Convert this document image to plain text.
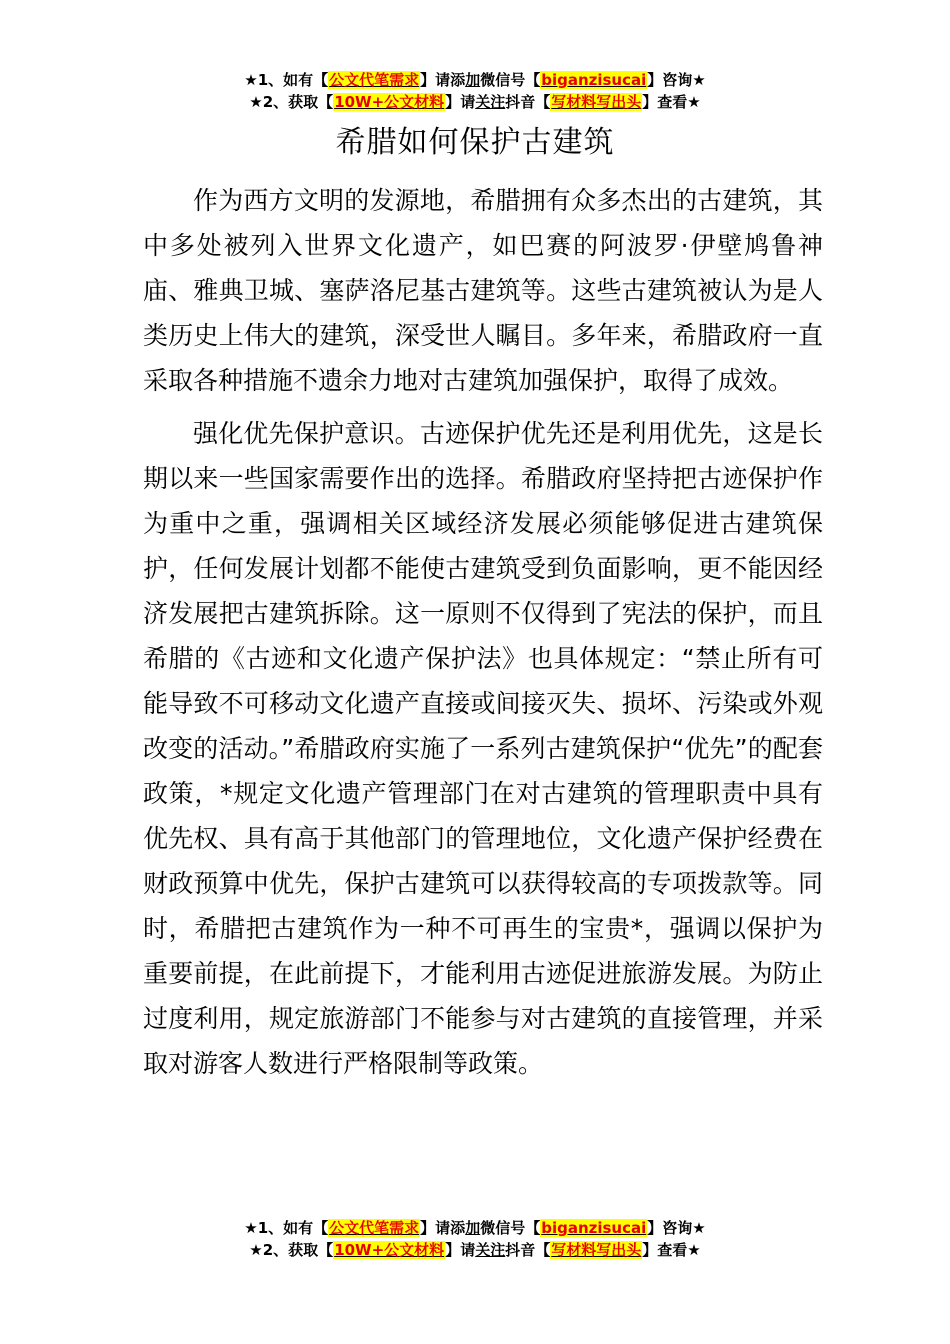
★1、如有【公文代笔需求】请添加微信号【biganzisucai】咨询★
★2、获取【10W+公文材料】请关注抖音【写材料写出头】查看★
希腊如何保护古建筑

作为西方文明的发源地，希腊拥有众多杰出的古建筑，其中多处被列入世界文化遗产，如巴赛的阿波罗·伊壁鸠鲁神庙、雅典卫城、塞萨洛尼基古建筑等。这些古建筑被认为是人类历史上伟大的建筑，深受世人瞩目。多年来，希腊政府一直采取各种措施不遗余力地对古建筑加强保护，取得了成效。

强化优先保护意识。古迹保护优先还是利用优先，这是长期以来一些国家需要作出的选择。希腊政府坚持把古迹保护作为重中之重，强调相关区域经济发展必须能够促进古建筑保护，任何发展计划都不能使古建筑受到负面影响，更不能因经济发展把古建筑拆除。这一原则不仅得到了宪法的保护，而且希腊的《古迹和文化遗产保护法》也具体规定：“禁止所有可能导致不可移动文化遗产直接或间接灭失、损坏、污染或外观改变的活动。”希腊政府实施了一系列古建筑保护“优先”的配套政策，*规定文化遗产管理部门在对古建筑的管理职责中具有优先权、具有高于其他部门的管理地位，文化遗产保护经费在财政预算中优先，保护古建筑可以获得较高的专项拨款等。同时，希腊把古建筑作为一种不可再生的宝贵*，强调以保护为重要前提，在此前提下，才能利用古迹促进旅游发展。为防止过度利用，规定旅游部门不能参与对古建筑的直接管理，并采取对游客人数进行严格限制等政策。

★1、如有【公文代笔需求】请添加微信号【biganzisucai】咨询★
★2、获取【10W+公文材料】请关注抖音【写材料写出头】查看★
